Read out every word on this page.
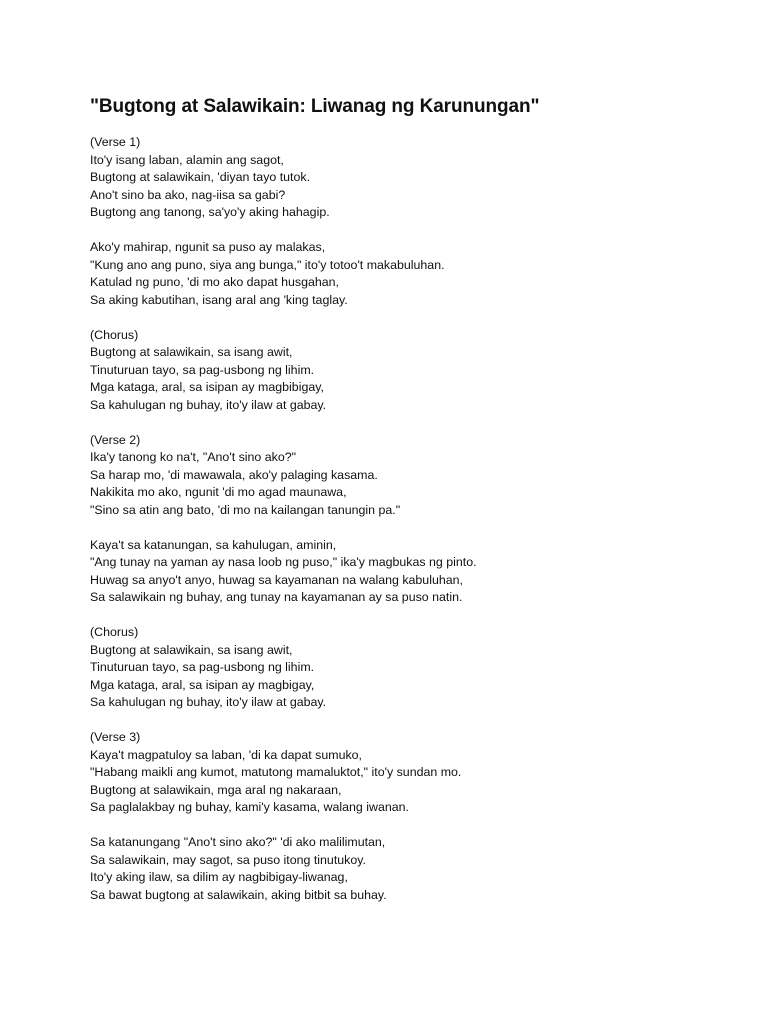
"Bugtong at Salawikain: Liwanag ng Karunungan"
(Verse 1)
Ito'y isang laban, alamin ang sagot,
Bugtong at salawikain, 'diyan tayo tutok.
Ano't sino ba ako, nag-iisa sa gabi?
Bugtong ang tanong, sa'yo'y aking hahagip.
Ako'y mahirap, ngunit sa puso ay malakas,
"Kung ano ang puno, siya ang bunga," ito'y totoo't makabuluhan.
Katulad ng puno, 'di mo ako dapat husgahan,
Sa aking kabutihan, isang aral ang 'king taglay.
(Chorus)
Bugtong at salawikain, sa isang awit,
Tinuturuan tayo, sa pag-usbong ng lihim.
Mga kataga, aral, sa isipan ay magbibigay,
Sa kahulugan ng buhay, ito'y ilaw at gabay.
(Verse 2)
Ika'y tanong ko na't, "Ano't sino ako?"
Sa harap mo, 'di mawawala, ako'y palaging kasama.
Nakikita mo ako, ngunit 'di mo agad maunawa,
"Sino sa atin ang bato, 'di mo na kailangan tanungin pa."
Kaya't sa katanungan, sa kahulugan, aminin,
"Ang tunay na yaman ay nasa loob ng puso," ika'y magbukas ng pinto.
Huwag sa anyo't anyo, huwag sa kayamanan na walang kabuluhan,
Sa salawikain ng buhay, ang tunay na kayamanan ay sa puso natin.
(Chorus)
Bugtong at salawikain, sa isang awit,
Tinuturuan tayo, sa pag-usbong ng lihim.
Mga kataga, aral, sa isipan ay magbigay,
Sa kahulugan ng buhay, ito'y ilaw at gabay.
(Verse 3)
Kaya't magpatuloy sa laban, 'di ka dapat sumuko,
"Habang maikli ang kumot, matutong mamaluktot," ito'y sundan mo.
Bugtong at salawikain, mga aral ng nakaraan,
Sa paglalakbay ng buhay, kami'y kasama, walang iwanan.
Sa katanungang "Ano't sino ako?" 'di ako malilimutan,
Sa salawikain, may sagot, sa puso itong tinutukoy.
Ito'y aking ilaw, sa dilim ay nagbibigay-liwanag,
Sa bawat bugtong at salawikain, aking bitbit sa buhay.
